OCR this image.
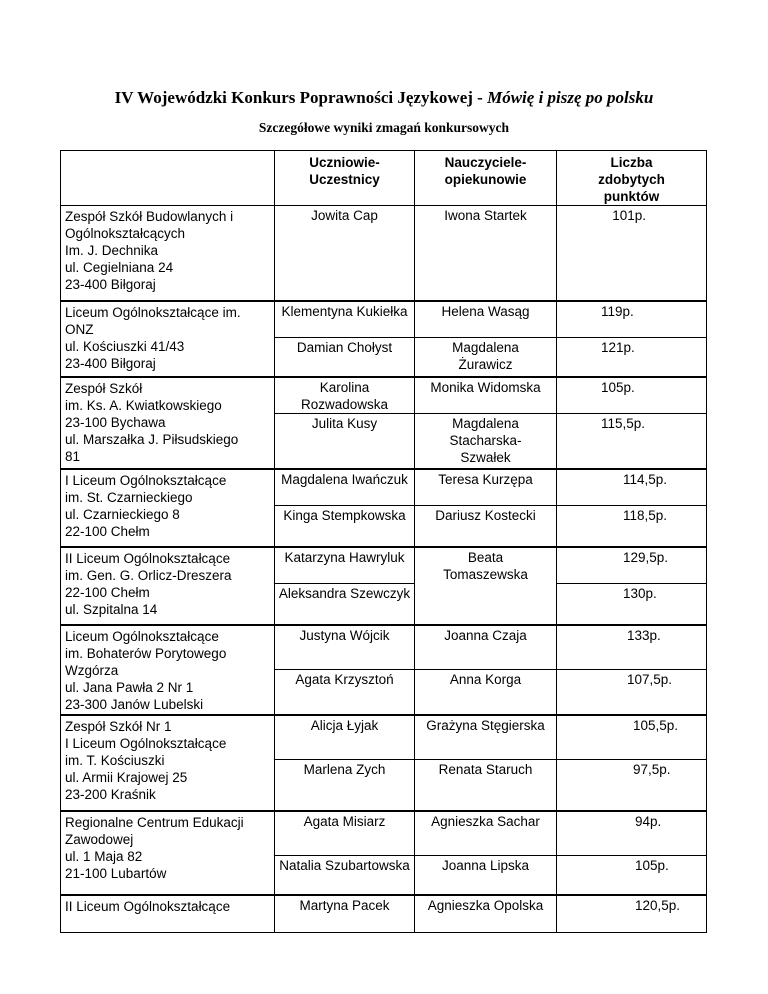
IV Wojewódzki Konkurs Poprawności Językowej - Mówię i piszę po polsku
Szczegółowe wyniki zmagań konkursowych
	Uczniowie- Uczestnicy	Nauczyciele-opiekunowie	Liczba zdobytych punktów

Zespół Szkół Budowlanych i
Ogólnokształcących
Im. J. Dechnika
ul. Cegielniana 24
23-400 Biłgoraj	Jowita Cap	Iwona Startek	101p.

Liceum Ogólnokształcące im.
ONZ
ul. Kościuszki 41/43
23-400 Biłgoraj	Klementyna Kukiełka	Helena Wasąg	119p.
	Damian Chołyst	Magdalena Żurawicz	121p.

Zespół Szkół
im. Ks. A. Kwiatkowskiego
23-100 Bychawa
ul. Marszałka J. Piłsudskiego
81	Karolina Rozwadowska	Monika Widomska	105p.
	Julita Kusy	Magdalena Stacharska-Szwałek	115,5p.

I Liceum Ogólnokształcące
im. St. Czarnieckiego
ul. Czarnieckiego 8
22-100 Chełm	Magdalena Iwańczuk	Teresa Kurzępa	114,5p.
	Kinga Stempkowska	Dariusz Kostecki	118,5p.

II Liceum Ogólnokształcące
im. Gen. G. Orlicz-Dreszera
22-100 Chełm
ul. Szpitalna 14	Katarzyna Hawryluk	Beata Tomaszewska	129,5p.
	Aleksandra Szewczyk		130p.

Liceum Ogólnokształcące
im. Bohaterów Porytowego
Wzgórza
ul. Jana Pawła 2 Nr 1
23-300 Janów Lubelski	Justyna Wójcik	Joanna Czaja	133p.
	Agata Krzysztoń	Anna Korga	107,5p.

Zespół Szkół Nr 1
I Liceum Ogólnokształcące
im. T. Kościuszki
ul. Armii Krajowej 25
23-200 Kraśnik	Alicja Łyjak	Grażyna Stęgierska	105,5p.
	Marlena Zych	Renata Staruch	97,5p.

Regionalne Centrum Edukacji
Zawodowej
ul. 1 Maja 82
21-100 Lubartów	Agata Misiarz	Agnieszka Sachar	94p.
	Natalia Szubartowska	Joanna Lipska	105p.

II Liceum Ogólnokształcące	Martyna Pacek	Agnieszka Opolska	120,5p.
